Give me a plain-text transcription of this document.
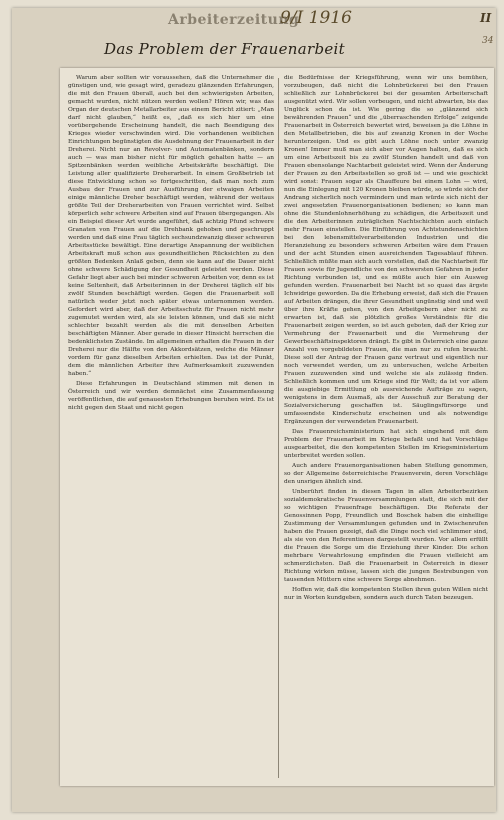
Arbeiterzeitung
9/I 1916	II
Das Problem der Frauenarbeit	34

Warum aber sollten wir voraussehen, daß die Unternehmer die günstigen und, wie gesagt wird, geradezu glänzenden Erfahrungen, die mit den Frauen überall, auch bei den schwierigsten Arbeiten, gemacht wurden, nicht nützen werden wollen? Hören wir, was das Organ der deutschen Metallarbeiter aus einem Bericht zitiert: „Man darf nicht glauben,“ heißt es, „daß es sich hier um eine vorübergehende Erscheinung handelt, die nach Beendigung des Krieges wieder verschwinden wird. Die vorhandenen weiblichen Einrichtungen begünstigten die Ausdehnung der Frauenarbeit in der Dreherei. Nicht nur an Revolver- und Automatenbänken, sondern auch — was man bisher nicht für möglich gehalten hatte — an Spitzenbänken werden weibliche Arbeitskräfte beschäftigt. Die Leistung aller qualifizierte Dreherarbeit. In einem Großbetrieb ist diese Entwicklung schon so fortgeschritten, daß man noch zum Ausbau der Frauen und zur Ausführung der etwaigen Arbeiten einige männliche Dreher beschäftigt werden, während der weitaus größte Teil der Dreherarbeiten von Frauen verrichtet wird. Selbst körperlich sehr schwere Arbeiten sind auf Frauen übergegangen. Als ein Beispiel dieser Art wurde angeführt, daß achtzig Pfund schwere Granaten von Frauen auf die Drehbank gehoben und geschruppt werden und daß eine Frau täglich sechsundzwanzig dieser schweren Arbeitsstücke bewältigt. Eine derartige Anspannung der weiblichen Arbeitskraft muß schon aus gesundheitlichen Rücksichten zu den größten Bedenken Anlaß geben, denn sie kann auf die Dauer nicht ohne schwere Schädigung der Gesundheit geleistet werden. Diese Gefahr liegt aber auch bei minder schweren Arbeiten vor, denn es ist keine Seltenheit, daß Arbeiterinnen in der Dreherei täglich elf bis zwölf Stunden beschäftigt werden. Gegen die Frauenarbeit soll natürlich weder jetzt noch später etwas unternommen werden. Gefordert wird aber, daß der Arbeitsschutz für Frauen nicht mehr zugemutet werden wird, als sie leisten können, und daß sie nicht schlechter bezahlt werden als die mit denselben Arbeiten beschäftigten Männer. Aber gerade in dieser Hinsicht herrschen die bedenklichsten Zustände. Im allgemeinen erhalten die Frauen in der Dreherei nur die Hälfte von den Akkordsätzen, welche die Männer vordem für ganz dieselben Arbeiten erhielten. Das ist der Punkt, dem die männlichen Arbeiter ihre Aufmerksamkeit zuzuwenden haben.“

Diese Erfahrungen in Deutschland stimmen mit denen in Österreich und wir werden demnächst eine Zusammenfassung veröffentlichen, die auf genauesten Erhebungen beruhen wird. Es ist nicht gegen den Staat und nicht gegen

die Bedürfnisse der Kriegsführung, wenn wir uns bemühen, vorzubeugen, daß nicht die Lohnbrückerei bei den Frauen schließlich zur Lohnbrückerei bei der gesamten Arbeiterschaft ausgenützt wird. Wir sollen vorbeugen, und nicht abwarten, bis das Unglück schon da ist. Wie gering die so „glänzend sich bewährenden Frauen“ und die „überraschenden Erfolge“ zeigende Frauenarbeit in Österreich bewertet wird, beweisen ja die Löhne in den Metallbetrieben, die bis auf zwanzig Kronen in der Woche herunterzeigen. Und es gibt auch Löhne noch unter zwanzig Kronen! Immer muß man sich aber vor Augen halten, daß es sich um eine Arbeitszeit bis zu zwölf Stunden handelt und daß von Frauen ebensolange Nachtarbeit geleistet wird. Wenn der Änderung der Frauen zu den Arbeitsstellen so groß ist — und wie geschickt wird sonst: Frauen sogar als Chauffeure bei einem Lohn — wird, nun die Einlegung mit 120 Kronen bleiben würde, so würde sich der Andrang sicherlich noch vermindern und man würde sich nicht der zwei angesetzten Frauenorganisationen bedienen; so kann man ohne die Stundenlohnerhöhung zu schädigen, die Arbeitszeit und die den Arbeiterinnen zuträglichen Nachtschichten auch einfach mehr Frauen einstellen. Die Einführung von Achtstundenschichten bei den lebensmittelverarbeitenden Industrien und die Heranziehung zu besonders schweren Arbeiten wäre dem Frauen und der acht Stunden einen ausreichenden Tagesablauf führen. Schließlich müßte man sich auch vorstellen, daß die Nachtarbeit für Frauen sowie für Jugendliche von den schwersten Gefahren in jeder Richtung verbunden ist, und es müßte auch hier ein Ausweg gefunden werden. Frauenarbeit bei Nacht ist so quasi das ärgste Ichwidrige geworden. Da die Erhebung erweist, daß sich die Frauen auf Arbeiten drängen, die ihrer Gesundheit ungünstig sind und weil über ihre Kräfte gehen, von den Arbeitgebern aber nicht zu erwarten ist, daß sie plötzlich großes Verständnis für die Frauenarbeit zeigen werden, so ist auch geboten, daß der Krieg zur Vermehrung der Frauenarbeit und die Vermehrung der Gewerbeschäftsinspektoren drängt. Es gibt in Österreich eine ganze Anzahl von vorgebildeten Frauen, die man nur zu rufen braucht. Diese soll der Antrag der Frauen ganz vertraut und eigentlich nur noch verwendet werden, um zu untersuchen, welche Arbeiten Frauen zuzuwenden sind und welche sie als zulässig finden. Schließlich kommen und um Kriege sind für Welt; da ist vor allem die ausgiebige Ermittlung ob ausreichende Aufträge zu sagen, wenigstens in dem Ausmaß, als der Ausschuß zur Beratung der Sozialversicherung geschaffen ist. Säuglingsfürsorge und umfassendste Kinderschutz erscheinen und als notwendige Ergänzungen der verwendeten Frauenarbeit.

Das Frauenreichsministerium hat sich eingehend mit dem Problem der Frauenarbeit im Kriege befaßt und hat Vorschläge ausgearbeitet, die den kompetenten Stellen im Kriegsministerium unterbreitet werden sollen.

Auch andere Frauenorganisationen haben Stellung genommen, so der Allgemeine österreichische Frauenverein, deren Vorschläge den unsrigen ähnlich sind.

Unberührt finden in diesen Tagen in allen Arbeiterbezirken sozialdemokratische Frauenversammlungen statt, die sich mit der so wichtigen Frauenfrage beschäftigen. Die Referate der Genossinnen Popp, Freundlich und Boschek haben die einhellige Zustimmung der Versammlungen gefunden und in Zwischenrufen haben die Frauen gezeigt, daß die Dinge noch viel schlimmer sind, als sie von den Referentinnen dargestellt wurden. Vor allem erfüllt die Frauen die Sorge um die Erziehung ihrer Kinder. Die schon mehrbare Verwahrlosung empfinden die Frauen vielleicht am schmerzlichsten. Daß die Frauenarbeit in Österreich in dieser Richtung wirken müsse, lassen sich die jungen Bestrebungen von tausenden Müttern eine schwere Sorge abnehmen.

Hoffen wir, daß die kompetenten Stellen ihren guten Willen nicht nur in Worten kundgeben, sondern auch durch Taten bezeugen.
